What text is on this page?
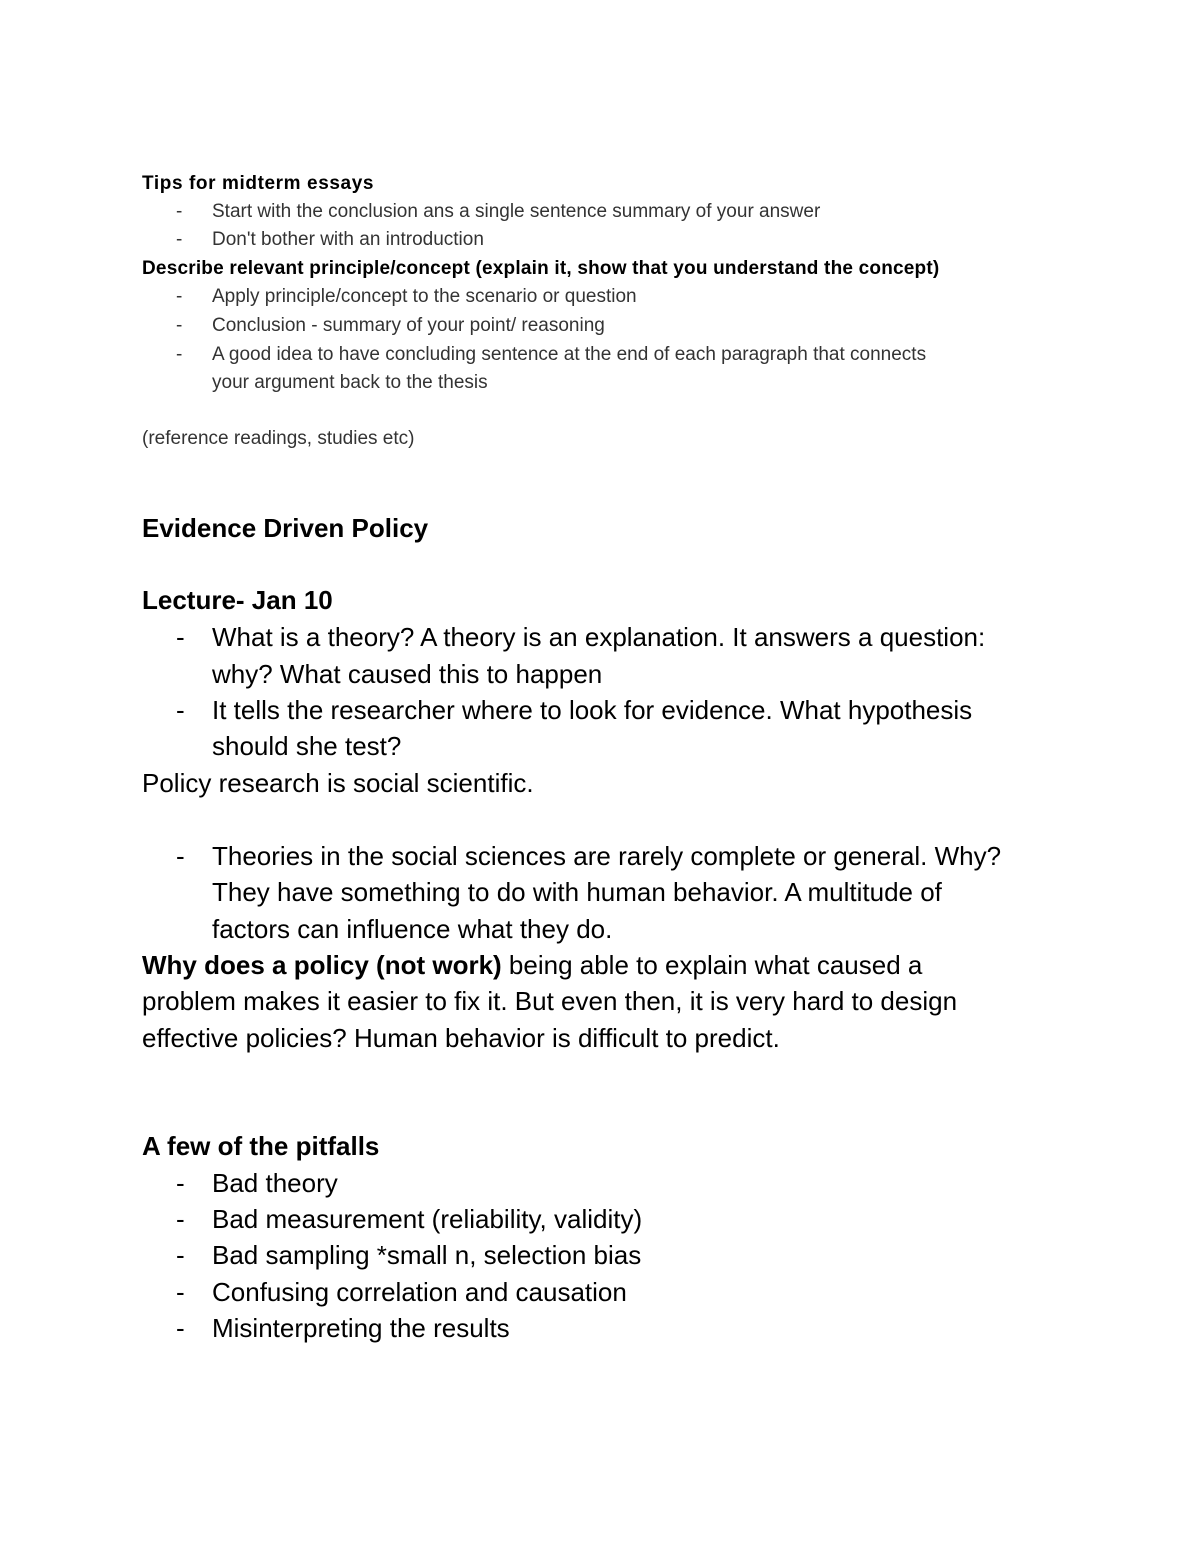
Tips for midterm essays

- Start with the conclusion ans a single sentence summary of your answer

- Don't bother with an introduction

Describe relevant principle/concept (explain it, show that you understand the concept)

- Apply principle/concept to the scenario or question

- Conclusion - summary of your point/ reasoning

- A good idea to have concluding sentence at the end of each paragraph that connects

your argument back to the thesis

(reference readings, studies etc)

Evidence Driven Policy

Lecture- Jan 10

- What is a theory? A theory is an explanation. It answers a question:

why? What caused this to happen

- It tells the researcher where to look for evidence. What hypothesis

should she test?

Policy research is social scientific.

- Theories in the social sciences are rarely complete or general. Why?

They have something to do with human behavior. A multitude of

factors can influence what they do.

Why does a policy (not work) being able to explain what caused a

problem makes it easier to fix it. But even then, it is very hard to design

effective policies? Human behavior is difficult to predict.

A few of the pitfalls

- Bad theory

- Bad measurement (reliability, validity)

- Bad sampling *small n, selection bias

- Confusing correlation and causation

- Misinterpreting the results
